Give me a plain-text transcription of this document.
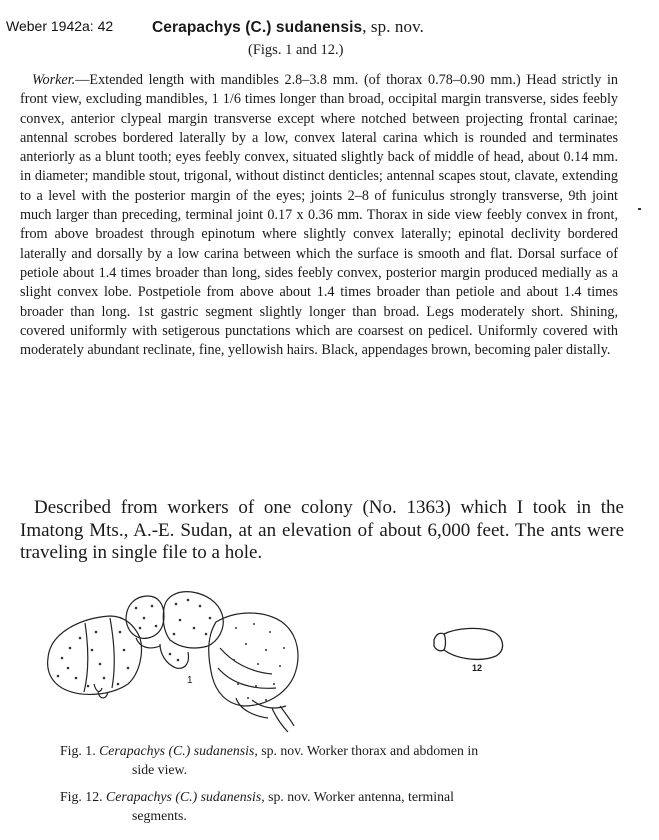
Weber 1942a: 42	Cerapachys (C.) sudanensis, sp. nov.
(Figs. 1 and 12.)
Worker.—Extended length with mandibles 2.8–3.8 mm. (of thorax 0.78–0.90 mm.) Head strictly in front view, excluding mandibles, 1 1/6 times longer than broad, occipital margin transverse, sides feebly convex, anterior clypeal margin transverse except where notched between projecting frontal carinae; antennal scrobes bordered laterally by a low, convex lateral carina which is rounded and terminates anteriorly as a blunt tooth; eyes feebly convex, situated slightly back of middle of head, about 0.14 mm. in diameter; mandible stout, trigonal, without distinct denticles; antennal scapes stout, clavate, extending to a level with the posterior margin of the eyes; joints 2–8 of funiculus strongly transverse, 9th joint much larger than preceding, terminal joint 0.17 x 0.36 mm. Thorax in side view feebly convex in front, from above broadest through epinotum where slightly convex laterally; epinotal declivity bordered laterally and dorsally by a low carina between which the surface is smooth and flat. Dorsal surface of petiole about 1.4 times broader than long, sides feebly convex, posterior margin produced medially as a slight convex lobe. Postpetiole from above about 1.4 times broader than petiole and about 1.4 times broader than long. 1st gastric segment slightly longer than broad. Legs moderately short. Shining, covered uniformly with setigerous punctations which are coarsest on pedicel. Uniformly covered with moderately abundant reclinate, fine, yellowish hairs. Black, appendages brown, becoming paler distally.
Described from workers of one colony (No. 1363) which I took in the Imatong Mts., A.-E. Sudan, at an elevation of about 6,000 feet. The ants were traveling in single file to a hole.
1
12
Fig. 1. Cerapachys (C.) sudanensis, sp. nov. Worker thorax and abdomen in
side view.
Fig. 12. Cerapachys (C.) sudanensis, sp. nov. Worker antenna, terminal
segments.
